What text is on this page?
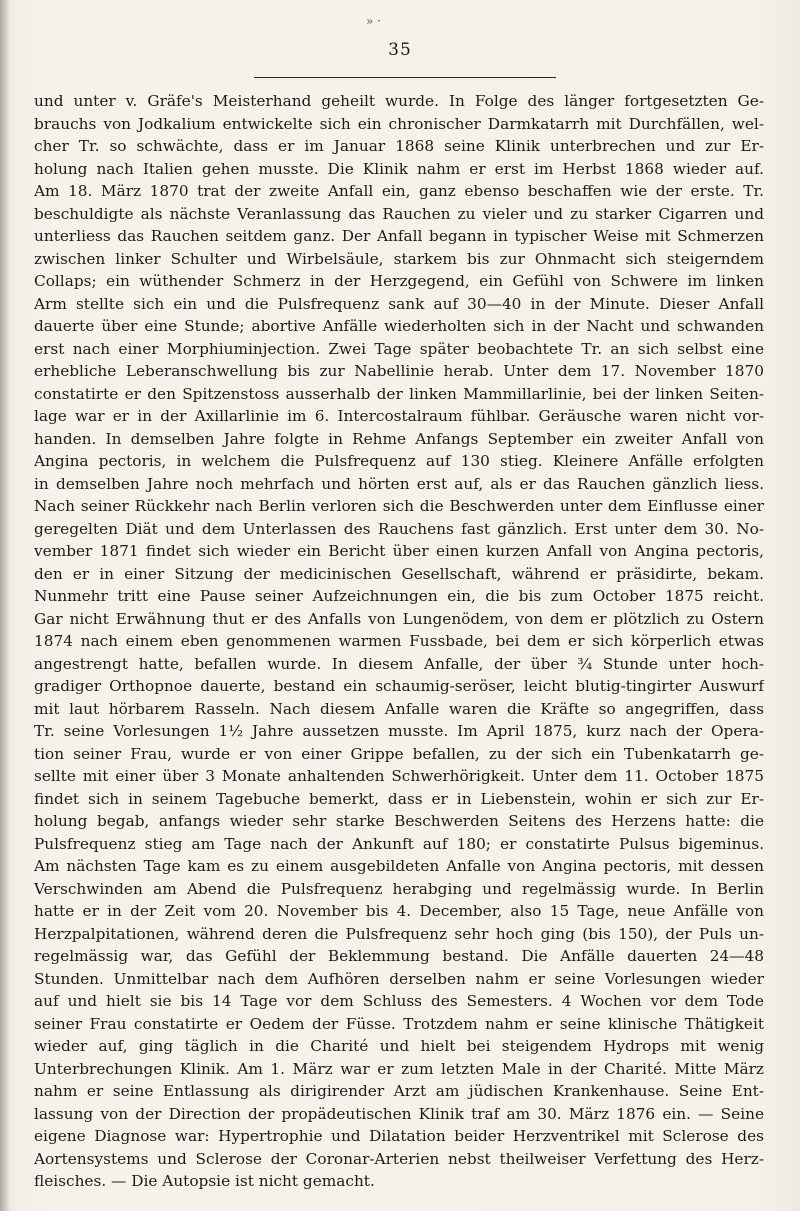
» ·
35
und unter v. Gräfe's Meisterhand geheilt wurde. In Folge des länger fortgesetzten Ge-
brauchs von Jodkalium entwickelte sich ein chronischer Darmkatarrh mit Durchfällen, wel-
cher Tr. so schwächte, dass er im Januar 1868 seine Klinik unterbrechen und zur Er-
holung nach Italien gehen musste. Die Klinik nahm er erst im Herbst 1868 wieder auf.
Am 18. März 1870 trat der zweite Anfall ein, ganz ebenso beschaffen wie der erste. Tr.
beschuldigte als nächste Veranlassung das Rauchen zu vieler und zu starker Cigarren und
unterliess das Rauchen seitdem ganz. Der Anfall begann in typischer Weise mit Schmerzen
zwischen linker Schulter und Wirbelsäule, starkem bis zur Ohnmacht sich steigerndem
Collaps; ein wüthender Schmerz in der Herzgegend, ein Gefühl von Schwere im linken
Arm stellte sich ein und die Pulsfrequenz sank auf 30—40 in der Minute. Dieser Anfall
dauerte über eine Stunde; abortive Anfälle wiederholten sich in der Nacht und schwanden
erst nach einer Morphiuminjection. Zwei Tage später beobachtete Tr. an sich selbst eine
erhebliche Leberanschwellung bis zur Nabellinie herab. Unter dem 17. November 1870
constatirte er den Spitzenstoss ausserhalb der linken Mammillarlinie, bei der linken Seiten-
lage war er in der Axillarlinie im 6. Intercostalraum fühlbar. Geräusche waren nicht vor-
handen. In demselben Jahre folgte in Rehme Anfangs September ein zweiter Anfall von
Angina pectoris, in welchem die Pulsfrequenz auf 130 stieg. Kleinere Anfälle erfolgten
in demselben Jahre noch mehrfach und hörten erst auf, als er das Rauchen gänzlich liess.
Nach seiner Rückkehr nach Berlin verloren sich die Beschwerden unter dem Einflusse einer
geregelten Diät und dem Unterlassen des Rauchens fast gänzlich. Erst unter dem 30. No-
vember 1871 findet sich wieder ein Bericht über einen kurzen Anfall von Angina pectoris,
den er in einer Sitzung der medicinischen Gesellschaft, während er präsidirte, bekam.
Nunmehr tritt eine Pause seiner Aufzeichnungen ein, die bis zum October 1875 reicht.
Gar nicht Erwähnung thut er des Anfalls von Lungenödem, von dem er plötzlich zu Ostern
1874 nach einem eben genommenen warmen Fussbade, bei dem er sich körperlich etwas
angestrengt hatte, befallen wurde. In diesem Anfalle, der über ¾ Stunde unter hoch-
gradiger Orthopnoe dauerte, bestand ein schaumig-seröser, leicht blutig-tingirter Auswurf
mit laut hörbarem Rasseln. Nach diesem Anfalle waren die Kräfte so angegriffen, dass
Tr. seine Vorlesungen 1½ Jahre aussetzen musste. Im April 1875, kurz nach der Opera-
tion seiner Frau, wurde er von einer Grippe befallen, zu der sich ein Tubenkatarrh ge-
sellte mit einer über 3 Monate anhaltenden Schwerhörigkeit. Unter dem 11. October 1875
findet sich in seinem Tagebuche bemerkt, dass er in Liebenstein, wohin er sich zur Er-
holung begab, anfangs wieder sehr starke Beschwerden Seitens des Herzens hatte: die
Pulsfrequenz stieg am Tage nach der Ankunft auf 180; er constatirte Pulsus bigeminus.
Am nächsten Tage kam es zu einem ausgebildeten Anfalle von Angina pectoris, mit dessen
Verschwinden am Abend die Pulsfrequenz herabging und regelmässig wurde. In Berlin
hatte er in der Zeit vom 20. November bis 4. December, also 15 Tage, neue Anfälle von
Herzpalpitationen, während deren die Pulsfrequenz sehr hoch ging (bis 150), der Puls un-
regelmässig war, das Gefühl der Beklemmung bestand. Die Anfälle dauerten 24—48
Stunden. Unmittelbar nach dem Aufhören derselben nahm er seine Vorlesungen wieder
auf und hielt sie bis 14 Tage vor dem Schluss des Semesters. 4 Wochen vor dem Tode
seiner Frau constatirte er Oedem der Füsse. Trotzdem nahm er seine klinische Thätigkeit
wieder auf, ging täglich in die Charité und hielt bei steigendem Hydrops mit wenig
Unterbrechungen Klinik. Am 1. März war er zum letzten Male in der Charité. Mitte März
nahm er seine Entlassung als dirigirender Arzt am jüdischen Krankenhause. Seine Ent-
lassung von der Direction der propädeutischen Klinik traf am 30. März 1876 ein. — Seine
eigene Diagnose war: Hypertrophie und Dilatation beider Herzventrikel mit Sclerose des
Aortensystems und Sclerose der Coronar-Arterien nebst theilweiser Verfettung des Herz-
fleisches. — Die Autopsie ist nicht gemacht.
